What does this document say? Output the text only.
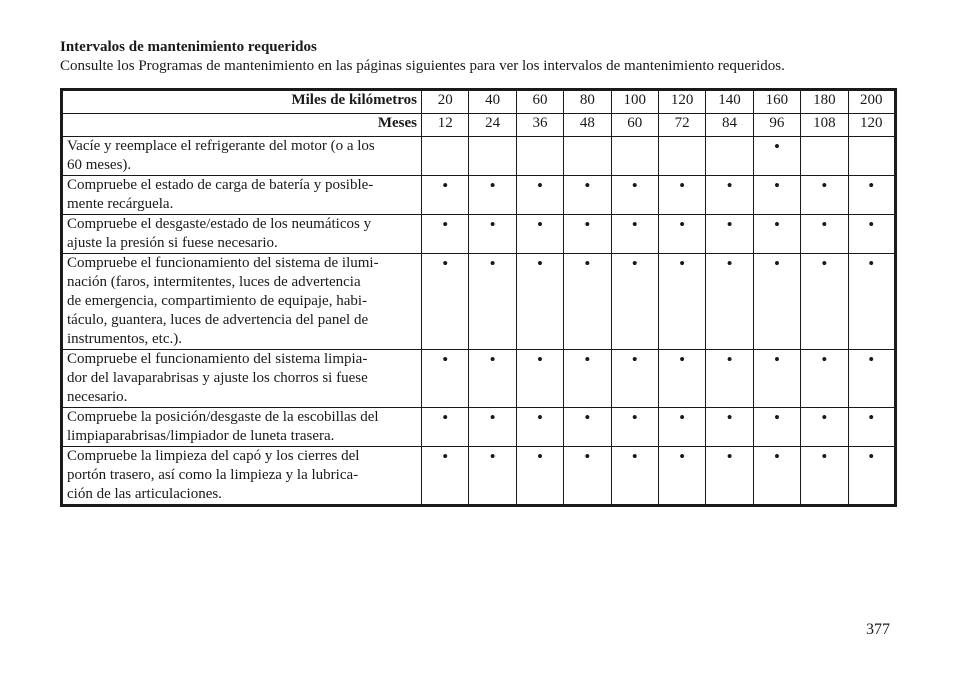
Intervalos de mantenimiento requeridos
Consulte los Programas de mantenimiento en las páginas siguientes para ver los intervalos de mantenimiento requeridos.
Miles de kilómetros	20	40	60	80	100	120	140	160	180	200
Meses	12	24	36	48	60	72	84	96	108	120

Vacíe y reemplace el refrigerante del motor (o a los
60 meses).								•		

Compruebe el estado de carga de batería y posible-
mente recárguela.	•	•	•	•	•	•	•	•	•	•

Compruebe el desgaste/estado de los neumáticos y
ajuste la presión si fuese necesario.	•	•	•	•	•	•	•	•	•	•

Compruebe el funcionamiento del sistema de ilumi-
nación (faros, intermitentes, luces de advertencia
de emergencia, compartimiento de equipaje, habi-
táculo, guantera, luces de advertencia del panel de
instrumentos, etc.).	•	•	•	•	•	•	•	•	•	•

Compruebe el funcionamiento del sistema limpia-
dor del lavaparabrisas y ajuste los chorros si fuese
necesario.	•	•	•	•	•	•	•	•	•	•

Compruebe la posición/desgaste de la escobillas del
limpiaparabrisas/limpiador de luneta trasera.	•	•	•	•	•	•	•	•	•	•

Compruebe la limpieza del capó y los cierres del
portón trasero, así como la limpieza y la lubrica-
ción de las articulaciones.	•	•	•	•	•	•	•	•	•	•
377
